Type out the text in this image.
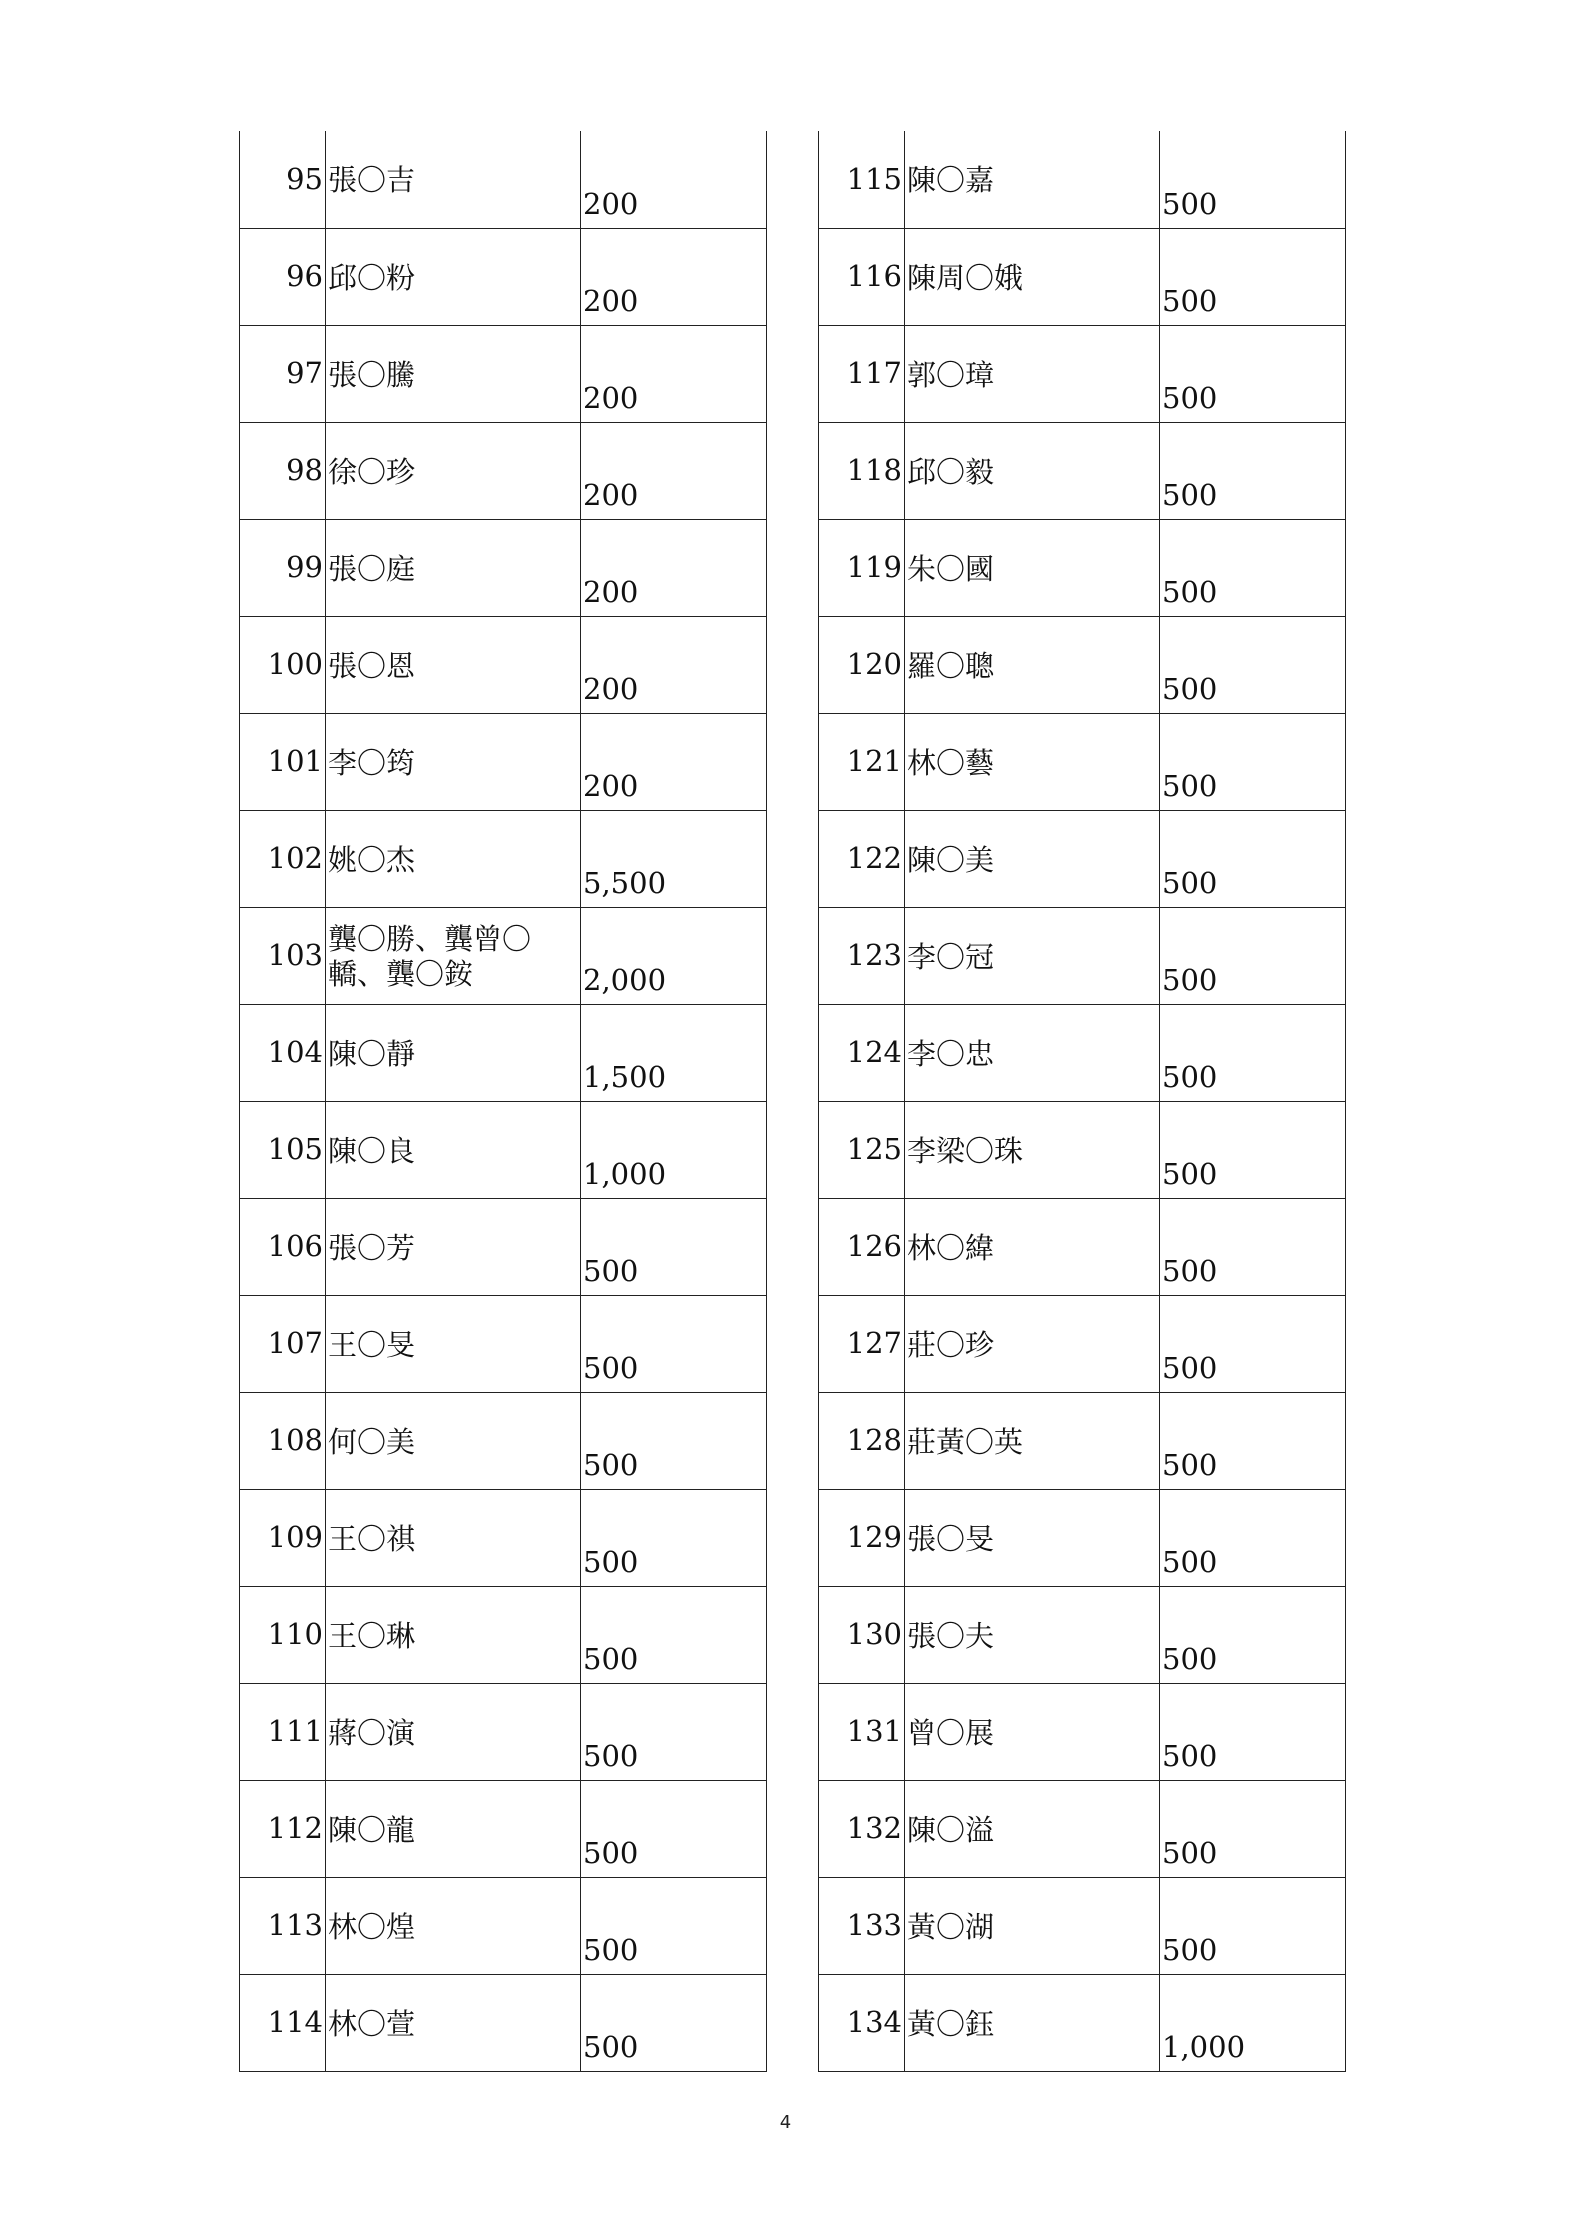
95	張〇吉	200
96	邱〇粉	200
97	張〇騰	200
98	徐〇珍	200
99	張〇庭	200
100	張〇恩	200
101	李〇筠	200
102	姚〇杰	5,500
103	龔〇勝、龔曾〇轎、龔〇銨	2,000
104	陳〇靜	1,500
105	陳〇良	1,000
106	張〇芳	500
107	王〇旻	500
108	何〇美	500
109	王〇祺	500
110	王〇琳	500
111	蔣〇演	500
112	陳〇龍	500
113	林〇煌	500
114	林〇萱	500
115	陳〇嘉	500
116	陳周〇娥	500
117	郭〇璋	500
118	邱〇毅	500
119	朱〇國	500
120	羅〇聰	500
121	林〇藝	500
122	陳〇美	500
123	李〇冠	500
124	李〇忠	500
125	李梁〇珠	500
126	林〇緯	500
127	莊〇珍	500
128	莊黃〇英	500
129	張〇旻	500
130	張〇夫	500
131	曾〇展	500
132	陳〇溢	500
133	黃〇湖	500
134	黃〇鈺	1,000
4
